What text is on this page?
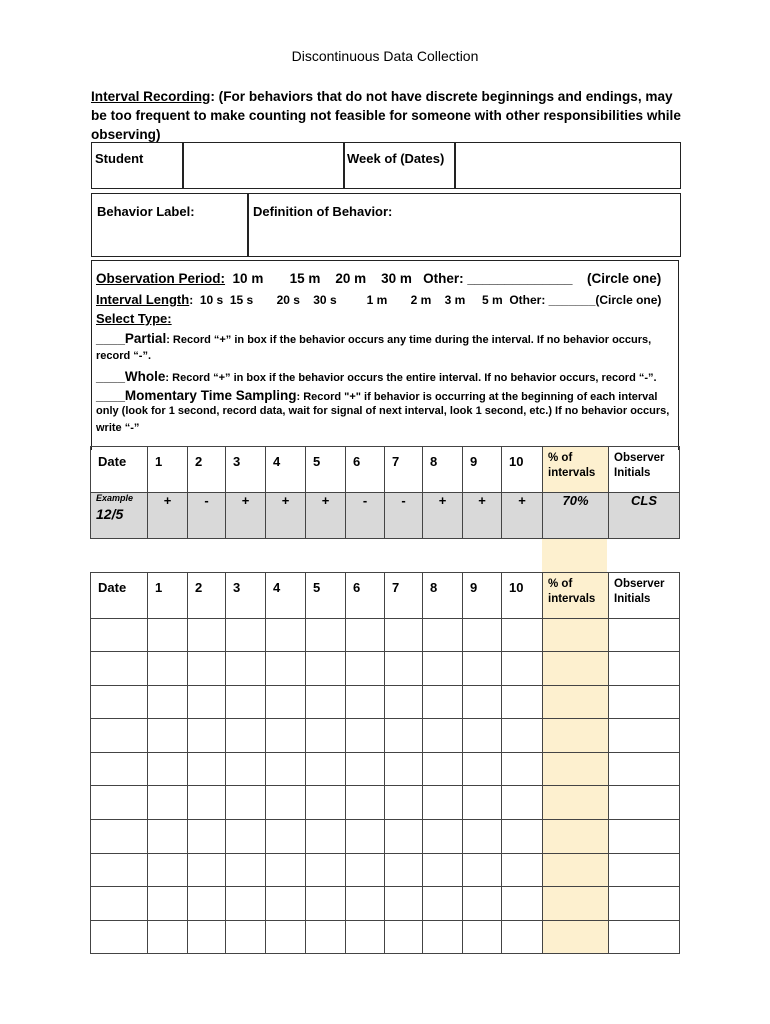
Discontinuous Data Collection
Interval Recording: (For behaviors that do not have discrete beginnings and endings, may be too frequent to make counting not feasible for someone with other responsibilities while observing)
Student	Week of (Dates)
Behavior Label:	Definition of Behavior:
Observation Period: 10 m       15 m    20 m    30 m   Other: ______________ (Circle one)
Interval Length:  10 s  15 s       20 s    30 s         1 m       2 m    3 m     5 m  Other: _______(Circle one)
Select Type:
____Partial: Record “+” in box if the behavior occurs any time during the interval. If no behavior occurs,
record “-”.
____Whole: Record “+” in box if the behavior occurs the entire interval. If no behavior occurs, record “-”.
____Momentary Time Sampling: Record "+" if behavior is occurring at the beginning of each interval
only (look for 1 second, record data, wait for signal of next interval, look 1 second, etc.) If no behavior occurs,
write “-”
Date	1	2	3	4	5	6	7	8	9	10	% of intervals	Observer Initials

Example
12/5	+	-	+	+	+	-	-	+	+	+	70%	CLS
Date	1	2	3	4	5	6	7	8	9	10	% of intervals	Observer Initials
